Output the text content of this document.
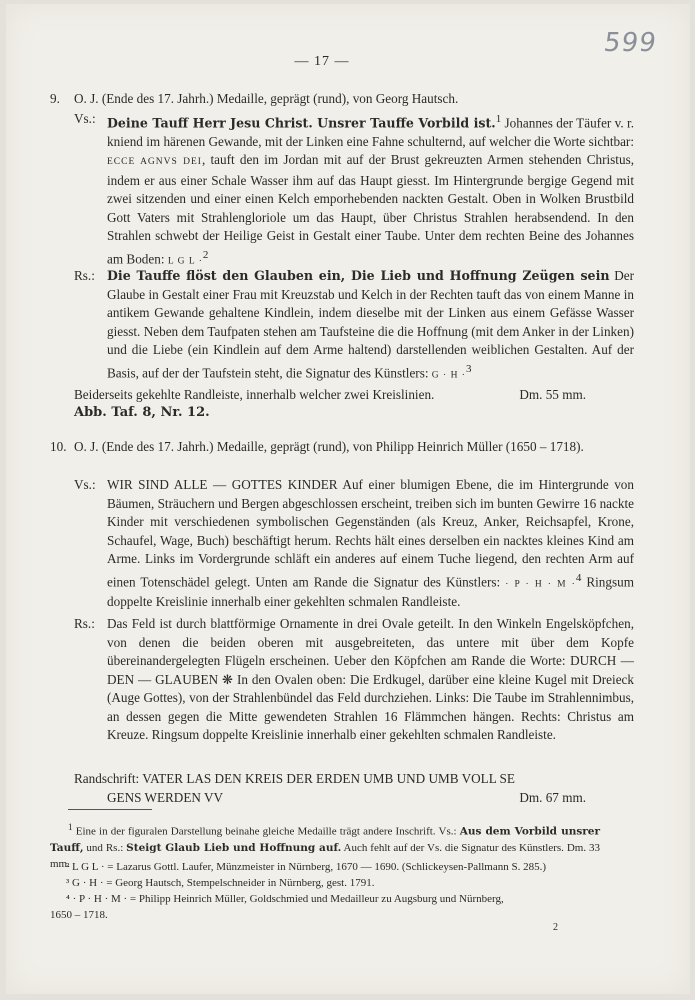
599
— 17 —
9. O. J. (Ende des 17. Jahrh.) Medaille, geprägt (rund), von Georg Hautsch.
Vs.: Deine Tauff Herr Jesu Christ. Unsrer Tauffe Vorbild ist.$^1$ Johannes der Täufer v. r. kniend im härenen Gewande, mit der Linken eine Fahne schulternd, auf welcher die Worte sichtbar: ECCE AGNVS DEI, tauft den im Jordan mit auf der Brust gekreuzten Armen stehenden Christus, indem er aus einer Schale Wasser ihm auf das Haupt giesst. Im Hintergrunde bergige Gegend mit zwei sitzenden und einer einen Kelch emporhebenden nackten Gestalt. Oben in Wolken Brustbild Gott Vaters mit Strahlengloriole um das Haupt, über Christus Strahlen herabsendend. In den Strahlen schwebt der Heilige Geist in Gestalt einer Taube. Unter dem rechten Beine des Johannes am Boden: L G L ·$^2$
Rs.: Die Tauffe flöst den Glauben ein, Die Lieb und Hoffnung Zeügen sein Der Glaube in Gestalt einer Frau mit Kreuzstab und Kelch in der Rechten tauft das von einem Manne in antikem Gewande gehaltene Kindlein, indem dieselbe mit der Linken aus einem Gefässe Wasser giesst. Neben dem Taufpaten stehen am Taufsteine die die Hoffnung (mit dem Anker in der Linken) und die Liebe (ein Kindlein auf dem Arme haltend) darstellenden weiblichen Gestalten. Auf der Basis, auf der der Taufstein steht, die Signatur des Künstlers: G · H ·$^3$
Beiderseits gekehlte Randleiste, innerhalb welcher zwei Kreislinien.	Dm. 55 mm.
Abb. Taf. 8, Nr. 12.
10. O. J. (Ende des 17. Jahrh.) Medaille, geprägt (rund), von Philipp Heinrich Müller (1650 – 1718).
Vs.: WIR SIND ALLE — GOTTES KINDER Auf einer blumigen Ebene, die im Hintergrunde von Bäumen, Sträuchern und Bergen abgeschlossen erscheint, treiben sich im bunten Gewirre 16 nackte Kinder mit verschiedenen symbolischen Gegenständen (als Kreuz, Anker, Reichsapfel, Krone, Schaufel, Wage, Buch) beschäftigt herum. Rechts hält eines derselben ein nacktes kleines Kind am Arme. Links im Vordergrunde schläft ein anderes auf einem Tuche liegend, den rechten Arm auf einen Totenschädel gelegt. Unten am Rande die Signatur des Künstlers: · P · H · M ·$^4$ Ringsum doppelte Kreislinie innerhalb einer gekehlten schmalen Randleiste.
Rs.: Das Feld ist durch blattförmige Ornamente in drei Ovale geteilt. In den Winkeln Engelsköpfchen, von denen die beiden oberen mit ausgebreiteten, das untere mit über dem Kopfe übereinandergelegten Flügeln erscheinen. Ueber den Köpfchen am Rande die Worte: DURCH — DEN — GLAUBEN ❋ In den Ovalen oben: Die Erdkugel, darüber eine kleine Kugel mit Dreieck (Auge Gottes), von der Strahlenbündel das Feld durchziehen. Links: Die Taube im Strahlennimbus, an dessen gegen die Mitte gewendeten Strahlen 16 Flämmchen hängen. Rechts: Christus am Kreuze. Ringsum doppelte Kreislinie innerhalb einer gekehlten schmalen Randleiste.
Randschrift: VATER LAS DEN KREIS DER ERDEN UMB UND UMB VOLL SE
GENS WERDEN VV	Dm. 67 mm.
$^1$ Eine in der figuralen Darstellung beinahe gleiche Medaille trägt andere Inschrift. Vs.: Aus dem Vorbild unsrer Tauff, und Rs.: Steigt Glaub Lieb und Hoffnung auf. Auch fehlt auf der Vs. die Signatur des Künstlers. Dm. 33 mm.
² L G L · = Lazarus Gottl. Laufer, Münzmeister in Nürnberg, 1670 — 1690. (Schlickeysen-Pallmann S. 285.)
³ G · H · = Georg Hautsch, Stempelschneider in Nürnberg, gest. 1791.
⁴ · P · H · M · = Philipp Heinrich Müller, Goldschmied und Medailleur zu Augsburg und Nürnberg,
1650 – 1718.
2
